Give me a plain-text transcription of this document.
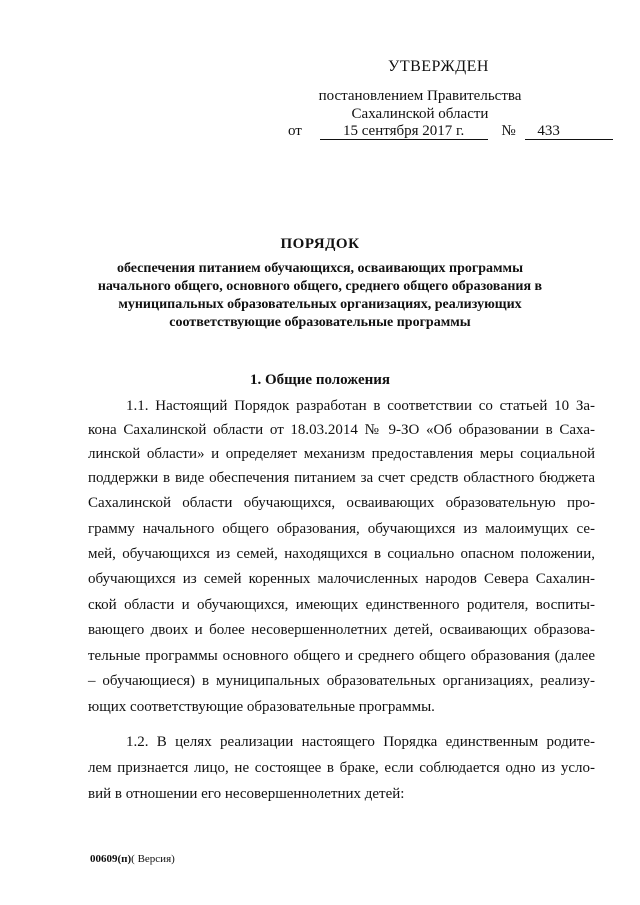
УТВЕРЖДЕН
постановлением Правительства
Сахалинской области
от	15 сентября 2017 г. № 433
ПОРЯДОК
обеспечения питанием обучающихся, осваивающих программы
начального общего, основного общего, среднего общего образования в
муниципальных образовательных организациях, реализующих
соответствующие образовательные программы
1. Общие положения
1.1. Настоящий Порядок разработан в соответствии со статьей 10 За-
кона Сахалинской области от 18.03.2014 № 9-ЗО «Об образовании в Саха-
линской области» и определяет механизм предоставления меры социальной
поддержки в виде обеспечения питанием за счет средств областного бюджета
Сахалинской области обучающихся, осваивающих образовательную про-
грамму начального общего образования, обучающихся из малоимущих се-
мей, обучающихся из семей, находящихся в социально опасном положении,
обучающихся из семей коренных малочисленных народов Севера Сахалин-
ской области и обучающихся, имеющих единственного родителя, воспиты-
вающего двоих и более несовершеннолетних детей, осваивающих образова-
тельные программы основного общего и среднего общего образования (далее
– обучающиеся) в муниципальных образовательных организациях, реализу-
ющих соответствующие образовательные программы.
1.2. В целях реализации настоящего Порядка единственным родите-
лем признается лицо, не состоящее в браке, если соблюдается одно из усло-
вий в отношении его несовершеннолетних детей:
00609(п)( Версия)
